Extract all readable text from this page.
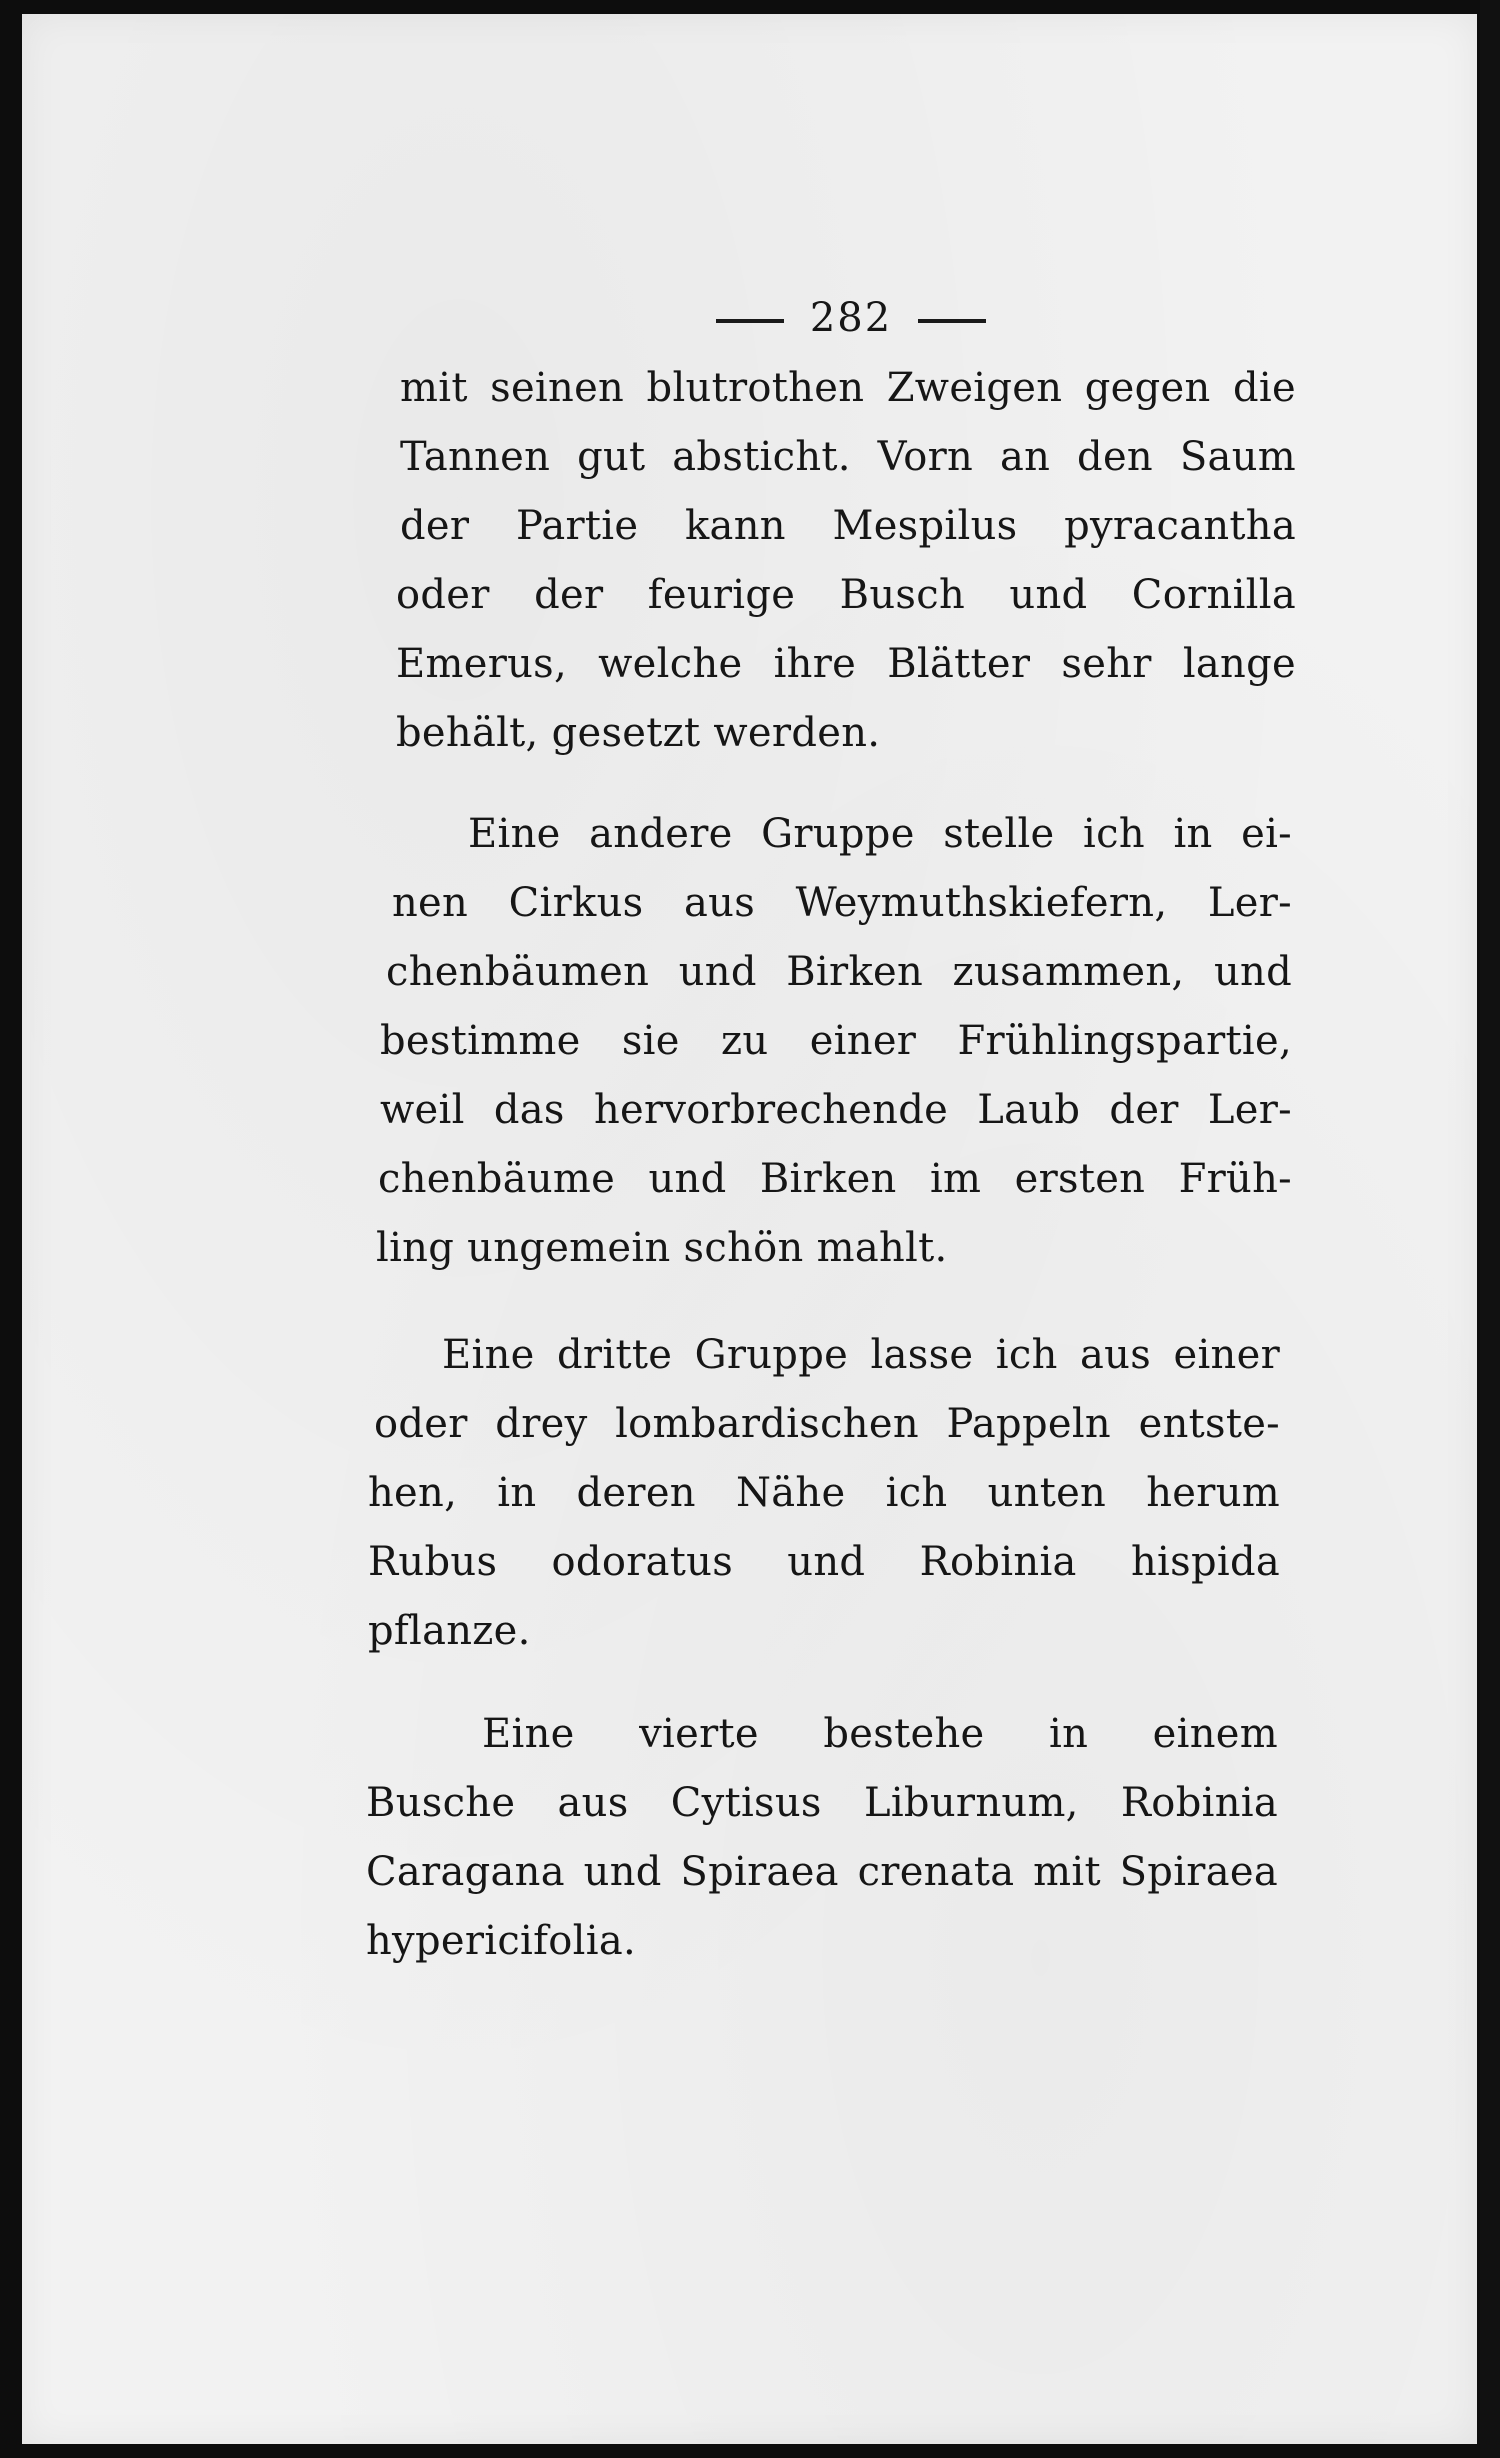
282
mit seinen blutrothen Zweigen gegen die
Tannen gut absticht. Vorn an den Saum
der Partie kann Mespilus pyracantha
oder der feurige Busch und Cornilla
Emerus, welche ihre Blätter sehr lange
behält, gesetzt werden.
Eine andere Gruppe stelle ich in ei-
nen Cirkus aus Weymuthskiefern, Ler-
chenbäumen und Birken zusammen, und
bestimme sie zu einer Frühlingspartie,
weil das hervorbrechende Laub der Ler-
chenbäume und Birken im ersten Früh-
ling ungemein schön mahlt.
Eine dritte Gruppe lasse ich aus einer
oder drey lombardischen Pappeln entste-
hen, in deren Nähe ich unten herum
Rubus odoratus und Robinia hispida
pflanze.
Eine vierte bestehe in einem
Busche aus Cytisus Liburnum, Robinia
Caragana und Spiraea crenata mit Spiraea
hypericifolia.
